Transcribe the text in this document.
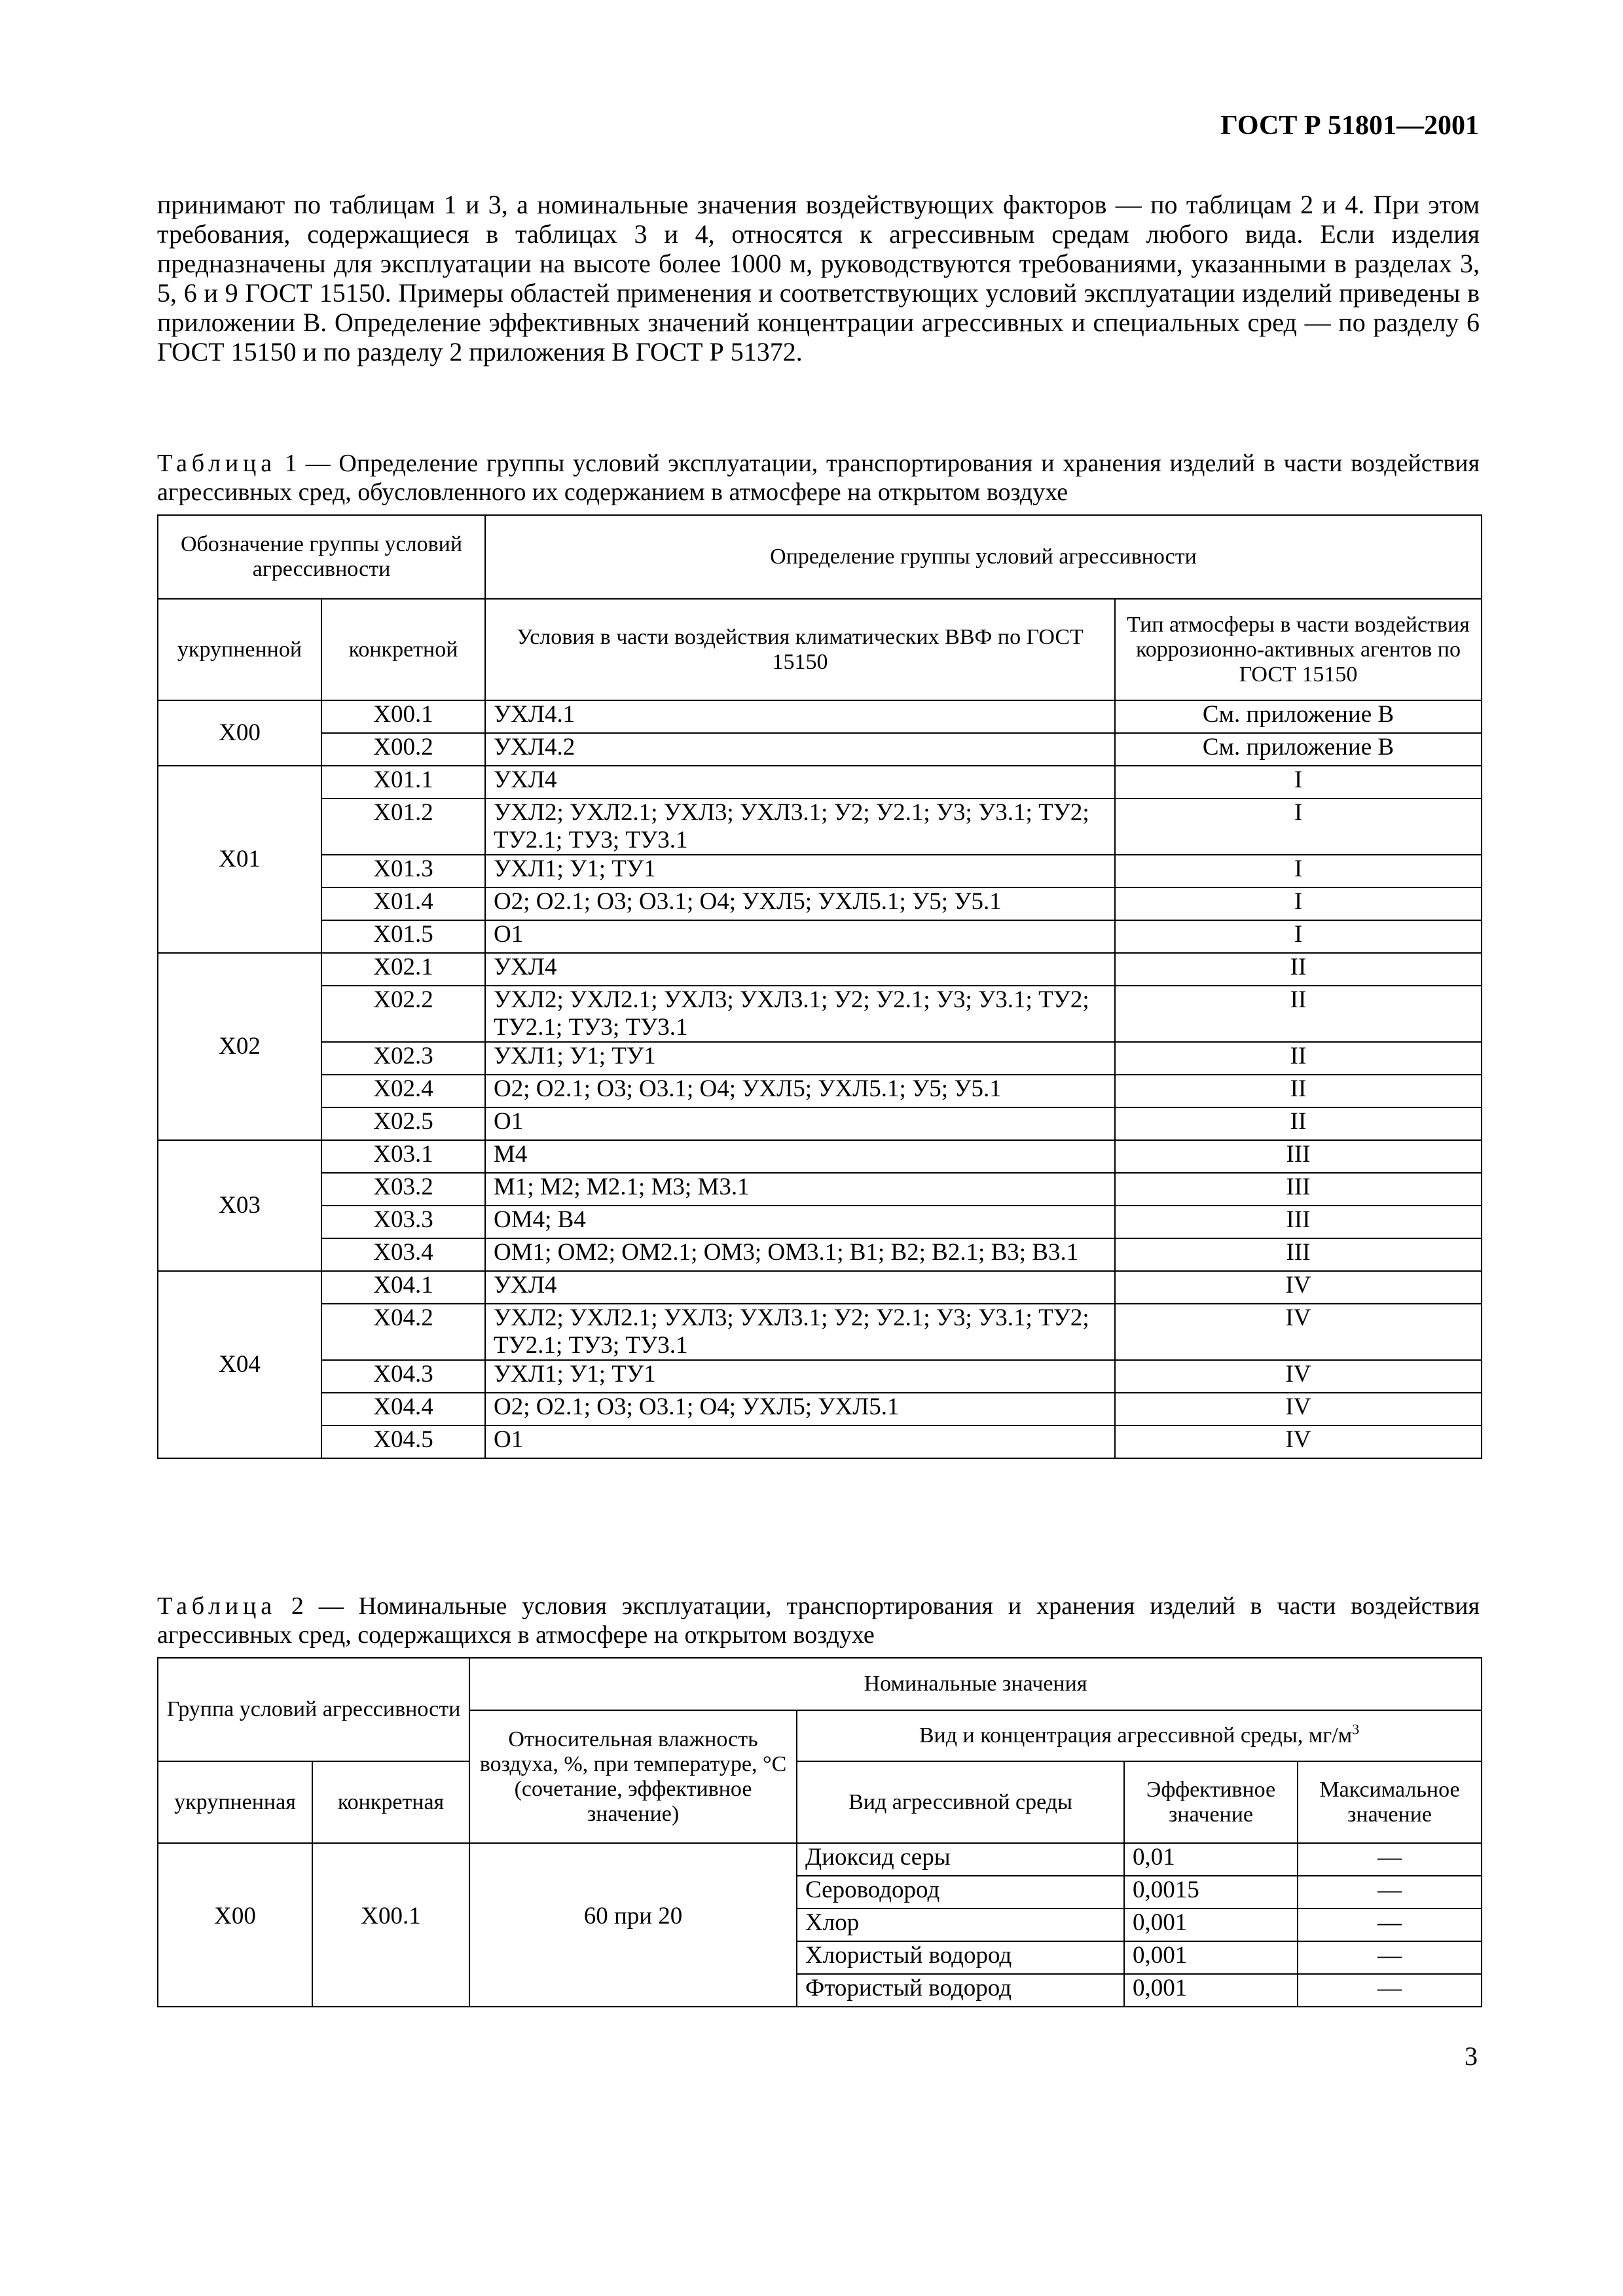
ГОСТ Р 51801—2001
принимают по таблицам 1 и 3, а номинальные значения воздействующих факторов — по таблицам 2 и 4. При этом требования, содержащиеся в таблицах 3 и 4, относятся к агрессивным средам любого вида. Если изделия предназначены для эксплуатации на высоте более 1000 м, руководствуются требованиями, указанными в разделах 3, 5, 6 и 9 ГОСТ 15150. Примеры областей применения и соответствующих условий эксплуатации изделий приведены в приложении В. Определение эффективных значений концентрации агрессивных и специальных сред — по разделу 6 ГОСТ 15150 и по разделу 2 приложения В ГОСТ Р 51372.
Таблица 1 — Определение группы условий эксплуатации, транспортирования и хранения изделий в части воздействия агрессивных сред, обусловленного их содержанием в атмосфере на открытом воздухе
Обозначение группы условий агрессивности		Определение группы условий агрессивности	
укрупненной	конкретной	Условия в части воздействия климатических ВВФ по ГОСТ 15150	Тип атмосферы в части воздействия коррозионно-активных агентов по ГОСТ 15150
Х00	Х00.1	УХЛ4.1	См. приложение В
	Х00.2	УХЛ4.2	См. приложение В
Х01	Х01.1	УХЛ4	I
	Х01.2	УХЛ2; УХЛ2.1; УХЛ3; УХЛ3.1; У2; У2.1; У3; У3.1; ТУ2; ТУ2.1; ТУ3; ТУ3.1	I
	Х01.3	УХЛ1; У1; ТУ1	I
	Х01.4	О2; О2.1; О3; О3.1; О4; УХЛ5; УХЛ5.1; У5; У5.1	I
	Х01.5	О1	I
Х02	Х02.1	УХЛ4	II
	Х02.2	УХЛ2; УХЛ2.1; УХЛ3; УХЛ3.1; У2; У2.1; У3; У3.1; ТУ2; ТУ2.1; ТУ3; ТУ3.1	II
	Х02.3	УХЛ1; У1; ТУ1	II
	Х02.4	О2; О2.1; О3; О3.1; О4; УХЛ5; УХЛ5.1; У5; У5.1	II
	Х02.5	О1	II
Х03	Х03.1	М4	III
	Х03.2	М1; М2; М2.1; М3; М3.1	III
	Х03.3	ОМ4; В4	III
	Х03.4	ОМ1; ОМ2; ОМ2.1; ОМ3; ОМ3.1; В1; В2; В2.1; В3; В3.1	III
Х04	Х04.1	УХЛ4	IV
	Х04.2	УХЛ2; УХЛ2.1; УХЛ3; УХЛ3.1; У2; У2.1; У3; У3.1; ТУ2; ТУ2.1; ТУ3; ТУ3.1	IV
	Х04.3	УХЛ1; У1; ТУ1	IV
	Х04.4	О2; О2.1; О3; О3.1; О4; УХЛ5; УХЛ5.1	IV
	Х04.5	О1	IV
Таблица 2 — Номинальные условия эксплуатации, транспортирования и хранения изделий в части воздействия агрессивных сред, содержащихся в атмосфере на открытом воздухе
Группа условий агрессивности		Номинальные значения			
		Относительная влажность воздуха, %, при температуре, °С (сочетание, эффективное значение)	Вид и концентрация агрессивной среды, $мг/м^3$
укрупненная	конкретная		Вид агрессивной среды	Эффективное значение	Максимальное значение
Х00	Х00.1	60 при 20	Диоксид серы	0,01	—
			Сероводород	0,0015	—
			Хлор	0,001	—
			Хлористый водород	0,001	—
			Фтористый водород	0,001	—
3
